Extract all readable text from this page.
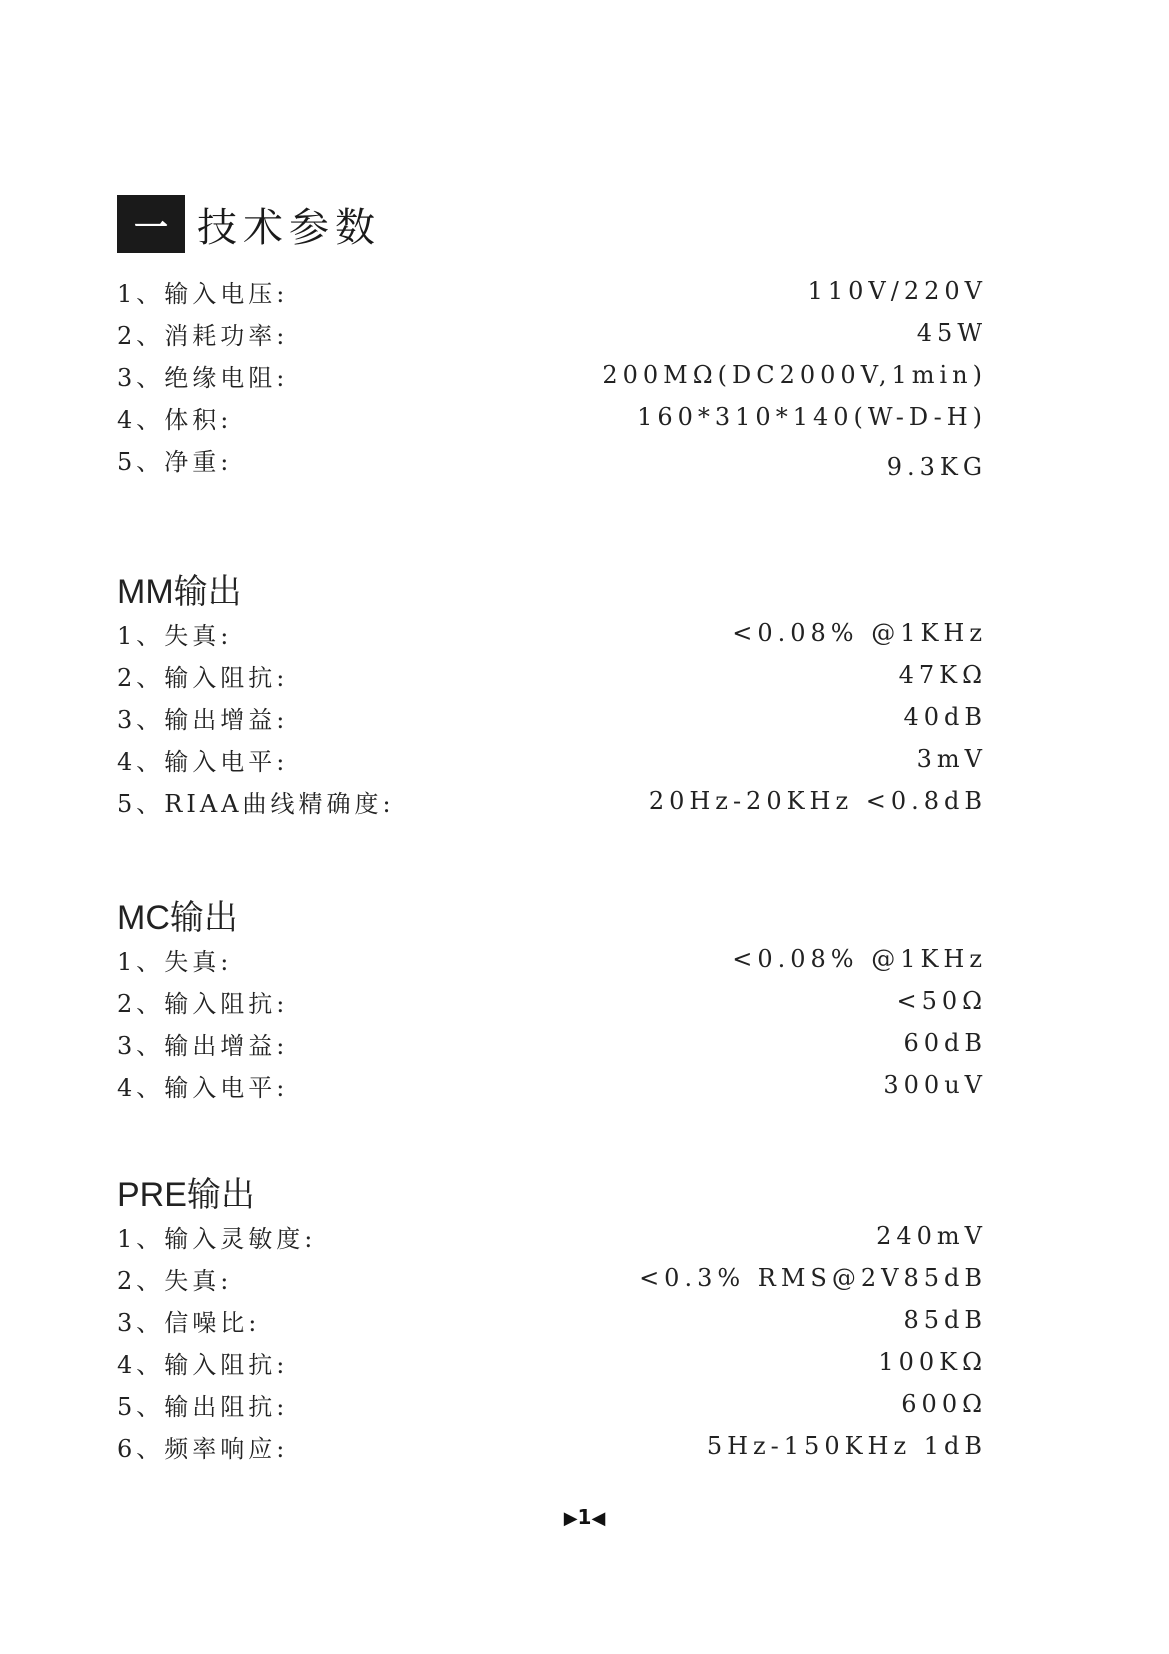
一 技术参数
1、输入电压:	110V/220V
2、消耗功率:	45W
3、绝缘电阻:	200MΩ(DC2000V,1min)
4、体积:	160*310*140(W-D-H)
5、净重:	9.3KG
MM输出
1、失真:	<0.08% @1KHz
2、输入阻抗:	47KΩ
3、输出增益:	40dB
4、输入电平:	3mV
5、RIAA曲线精确度:	20Hz-20KHz <0.8dB
MC输出
1、失真:	<0.08% @1KHz
2、输入阻抗:	<50Ω
3、输出增益:	60dB
4、输入电平:	300uV
PRE输出
1、输入灵敏度:	240mV
2、失真:	<0.3% RMS@2V85dB
3、信噪比:	85dB
4、输入阻抗:	100KΩ
5、输出阻抗:	600Ω
6、频率响应:	5Hz-150KHz 1dB
▶1◀
